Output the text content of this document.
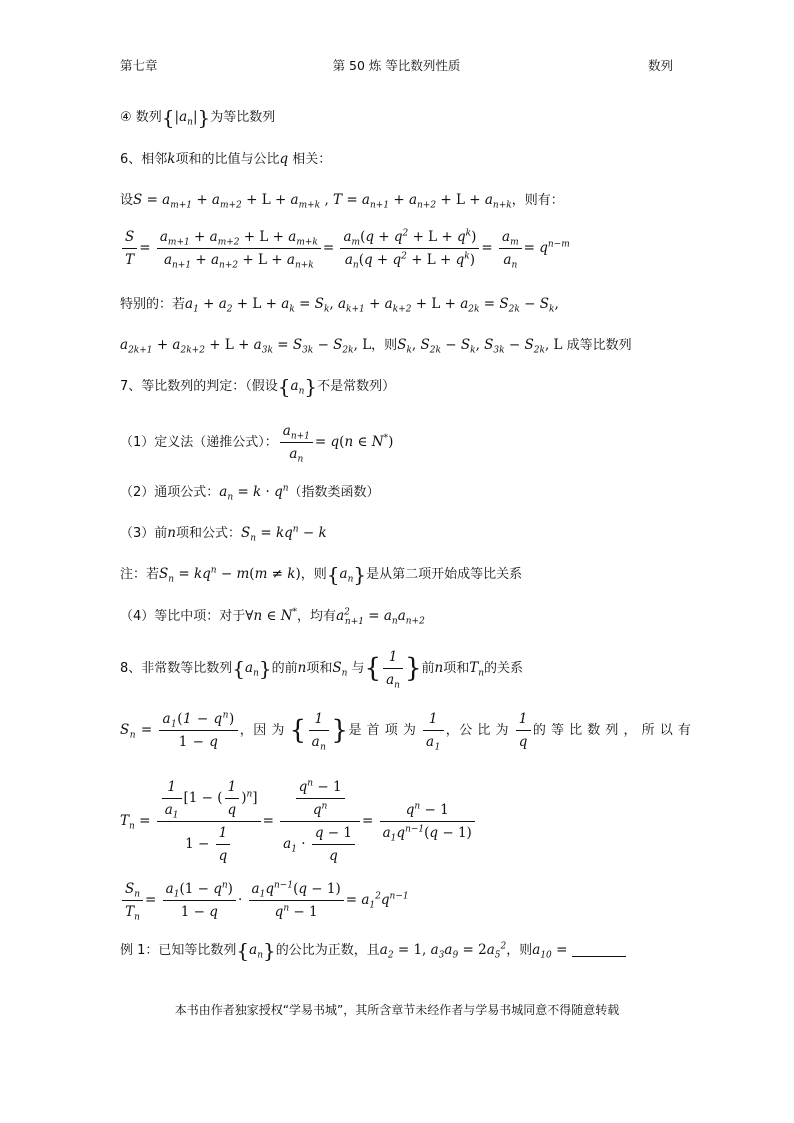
第七章	第 50 炼 等比数列性质	数列
④ 数列$\{|a_n|\}$为等比数列
6、相邻k项和的比值与公比q 相关：
设$S = a_{m+1} + a_{m+2} + L + a_{m+k}$ , $T = a_{n+1} + a_{n+2} + L + a_{n+k}$，则有：
$\frac{S}{T} = \frac{a_{m+1} + a_{m+2} + L + a_{m+k}}{a_{n+1} + a_{n+2} + L + a_{n+k}} = \frac{a_m(q + q^2 + L + q^k)}{a_n(q + q^2 + L + q^k)} = \frac{a_m}{a_n} = q^{n-m}$
特别的：若$a_1 + a_2 + L + a_k = S_k$, $a_{k+1} + a_{k+2} + L + a_{2k} = S_{2k} - S_k$,
$a_{2k+1} + a_{2k+2} + L + a_{3k} = S_{3k} - S_{2k}$, L，则$S_k$, $S_{2k} - S_k$, $S_{3k} - S_{2k}$, L 成等比数列
7、等比数列的判定：（假设$\{a_n\}$不是常数列）
（1）定义法（递推公式）： $\frac{a_{n+1}}{a_n} = q(n$ ∈ N*)
（2）通项公式：$a_n = k \cdot q^n$（指数类函数）
（3）前n项和公式：$S_n = kq^n - k$
注：若$S_n = kq^n - m(m \ne k)$，则$\{a_n\}$是从第二项开始成等比关系
（4）等比中项：对于∀n ∈ N*，均有$a^2_{n+1} = a_na_{n+2}$
8、非常数等比数列$\{a_n\}$的前n项和$S_n$ 与{ $\frac{1}{a_n}$ }前n项和$T_n$的关系
$S_n = \frac{a_1(1 - q^n)}{1 - q}$ ，因 为 { $\frac{1}{a_n}$ }是 首 项 为 $\frac{1}{a_1}$ ，公 比 为 $\frac{1}{q}$ 的 等 比 数 列 ， 所 以 有
$T_n = \frac{\frac{1}{a_1} [1 - ( \frac{1}{q} )^n]}{1 - \frac{1}{q}} = \frac{\frac{q^n - 1}{q^n}}{a_1 \cdot \frac{q - 1}{q}} = \frac{q^n - 1}{a_1q^{n-1}(q - 1)}$
$\frac{S_n}{T_n} = \frac{a_1(1 - q^n)}{1 - q} \cdot \frac{a_1q^{n-1}(q - 1)}{q^n - 1} = a_1^2q^{n-1}$
例 1：已知等比数列$\{a_n\}$的公比为正数，且$a_2 = 1$, $a_3a_9 = 2a_5^2$，则$a_{10}$ =
本书由作者独家授权“学易书城”，其所含章节未经作者与学易书城同意不得随意转载
